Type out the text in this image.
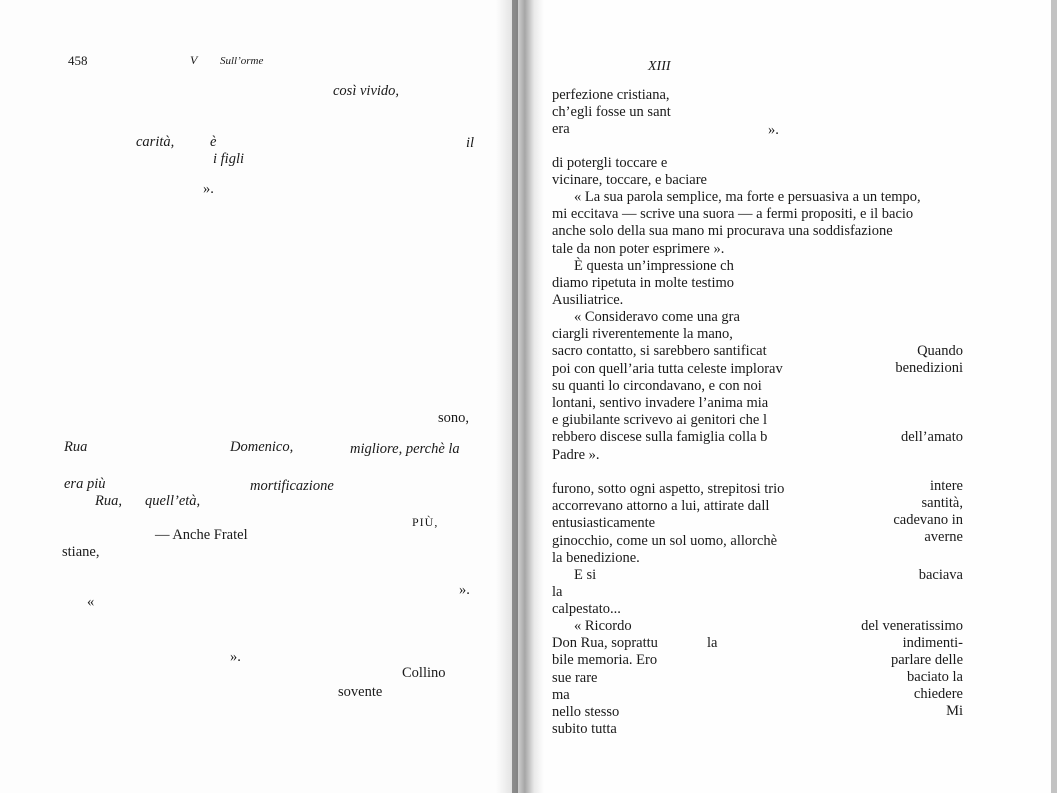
458	V Sull’orme
così vivido,
carità, è	il
i figli
».
sono,
Rua	Domenico,	migliore, perchè la
era più	mortificazione
Rua, quell’età,
PIÙ,
— Anche Fratel
stiane,
«
».
».
Collino
sovente
XIII
perfezione cristiana,
ch’egli fosse un sant
era	».
di potergli toccare e
vicinare, toccare, e baciare
« La sua parola semplice, ma forte e persuasiva a un tempo,
mi eccitava — scrive una suora — a fermi propositi, e il bacio
anche solo della sua mano mi procurava una soddisfazione
tale da non poter esprimere ».
È questa un’impressione ch
diamo ripetuta in molte testimo
Ausiliatrice.
« Consideravo come una gra
ciargli riverentemente la mano,
sacro contatto, si sarebbero santificat
poi con quell’aria tutta celeste implorav
su quanti lo circondavano, e con noi
lontani, sentivo invadere l’anima mia
e giubilante scrivevo ai genitori che l
rebbero discese sulla famiglia colla b
Padre ».
Quando
benedizioni
dell’amato
furono, sotto ogni aspetto, strepitosi trio
accorrevano attorno a lui, attirate dall
entusiasticamente
ginocchio, come un sol uomo, allorchè
la benedizione.
E si
la
calpestato...
intere
santità,
cadevano in
averne
baciava
« Ricordo
Don Rua, soprattu
bile memoria. Ero
sue rare
ma
nello stesso
subito tutta
la
del veneratissimo
indimenti-
parlare delle
baciato la
chiedere
Mi
